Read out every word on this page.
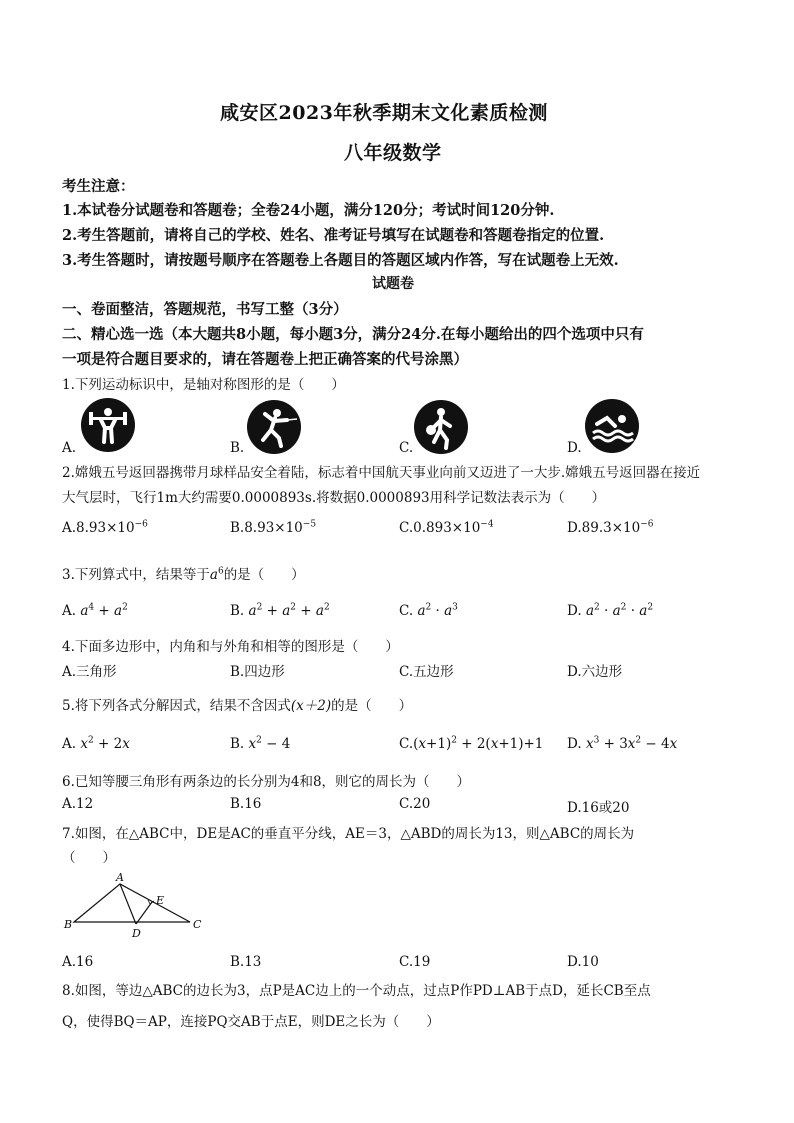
咸安区2023年秋季期末文化素质检测
八年级数学
考生注意：
1.本试卷分试题卷和答题卷；全卷24小题，满分120分；考试时间120分钟.
2.考生答题前，请将自己的学校、姓名、准考证号填写在试题卷和答题卷指定的位置.
3.考生答题时，请按题号顺序在答题卷上各题目的答题区域内作答，写在试题卷上无效.
试题卷
一、卷面整洁，答题规范，书写工整（3分）
二、精心选一选（本大题共8小题，每小题3分，满分24分.在每小题给出的四个选项中只有
一项是符合题目要求的，请在答题卷上把正确答案的代号涂黑）
1.下列运动标识中，是轴对称图形的是（　　）
A.	B.	C.	D.
2.嫦娥五号返回器携带月球样品安全着陆，标志着中国航天事业向前又迈进了一大步.嫦娥五号返回器在接近
大气层时，飞行1m大约需要0.0000893s.将数据0.0000893用科学记数法表示为（　　）
$A.8.93\times 10^{-6}$	$B.8.93\times 10^{-5}$	$C.0.893\times 10^{-4}$	$D.89.3\times 10^{-6}$
3.下列算式中，结果等于$a^6$的是（　　）
A. $a^4 + a^2$	B. $a^2 + a^2 + a^2$	C. $a^2 \cdot a^3$	D. $a^2 \cdot a^2 \cdot a^2$
4.下面多边形中，内角和与外角和相等的图形是（　　）
A.三角形	B.四边形	C.五边形	D.六边形
5.将下列各式分解因式，结果不含因式(x＋2)的是（　　）
A. $x^2 + 2x$	B. $x^2 - 4$	$C.(x+1)^2 + 2(x+1)+1$ D. $x^3 + 3x^2 - 4x$
6.已知等腰三角形有两条边的长分别为4和8，则它的周长为（　　）
A.12	B.16	C.20	D.16或20
7.如图，在△ABC中，DE是AC的垂直平分线，AE＝3，△ABD的周长为13，则△ABC的周长为
（　　）
A
B	C
D
E
A.16	B.13	C.19	D.10
8.如图，等边△ABC的边长为3，点P是AC边上的一个动点，过点P作PD⊥AB于点D，延长CB至点
Q，使得BQ＝AP，连接PQ交AB于点E，则DE之长为（　　）
